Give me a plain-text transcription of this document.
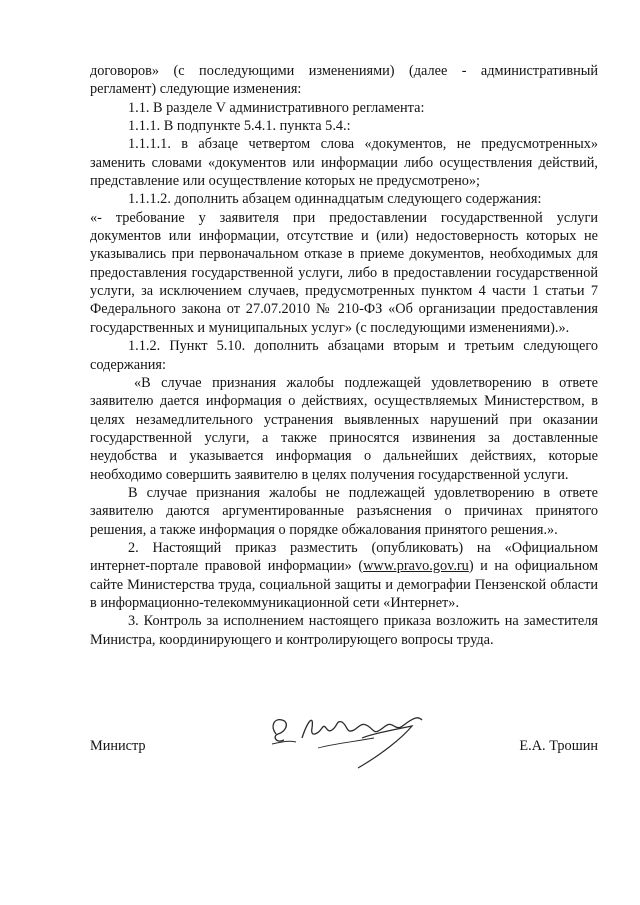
договоров» (с последующими изменениями) (далее - административный регламент) следующие изменения:

1.1. В разделе V административного регламента:

1.1.1. В подпункте 5.4.1. пункта 5.4.:

1.1.1.1. в абзаце четвертом слова «документов, не предусмотренных» заменить словами «документов или информации либо осуществления действий, представление или осуществление которых не предусмотрено»;

1.1.1.2. дополнить абзацем одиннадцатым следующего содержания:

«- требование у заявителя при предоставлении государственной услуги документов или информации, отсутствие и (или) недостоверность которых не указывались при первоначальном отказе в приеме документов, необходимых для предоставления государственной услуги, либо в предоставлении государственной услуги, за исключением случаев, предусмотренных пунктом 4 части 1 статьи 7 Федерального закона от 27.07.2010 № 210-ФЗ «Об организации предоставления государственных и муниципальных услуг» (с последующими изменениями).».

1.1.2. Пункт 5.10. дополнить абзацами вторым и третьим следующего содержания:

«В случае признания жалобы подлежащей удовлетворению в ответе заявителю дается информация о действиях, осуществляемых Министерством, в целях незамедлительного устранения выявленных нарушений при оказании государственной услуги, а также приносятся извинения за доставленные неудобства и указывается информация о дальнейших действиях, которые необходимо совершить заявителю в целях получения государственной услуги.

В случае признания жалобы не подлежащей удовлетворению в ответе заявителю даются аргументированные разъяснения о причинах принятого решения, а также информация о порядке обжалования принятого решения.».

2. Настоящий приказ разместить (опубликовать) на «Официальном интернет-портале правовой информации» (www.pravo.gov.ru) и на официальном сайте Министерства труда, социальной защиты и демографии Пензенской области в информационно-телекоммуникационной сети «Интернет».

3. Контроль за исполнением настоящего приказа возложить на заместителя Министра, координирующего и контролирующего вопросы труда.

Министр	Е.А. Трошин
